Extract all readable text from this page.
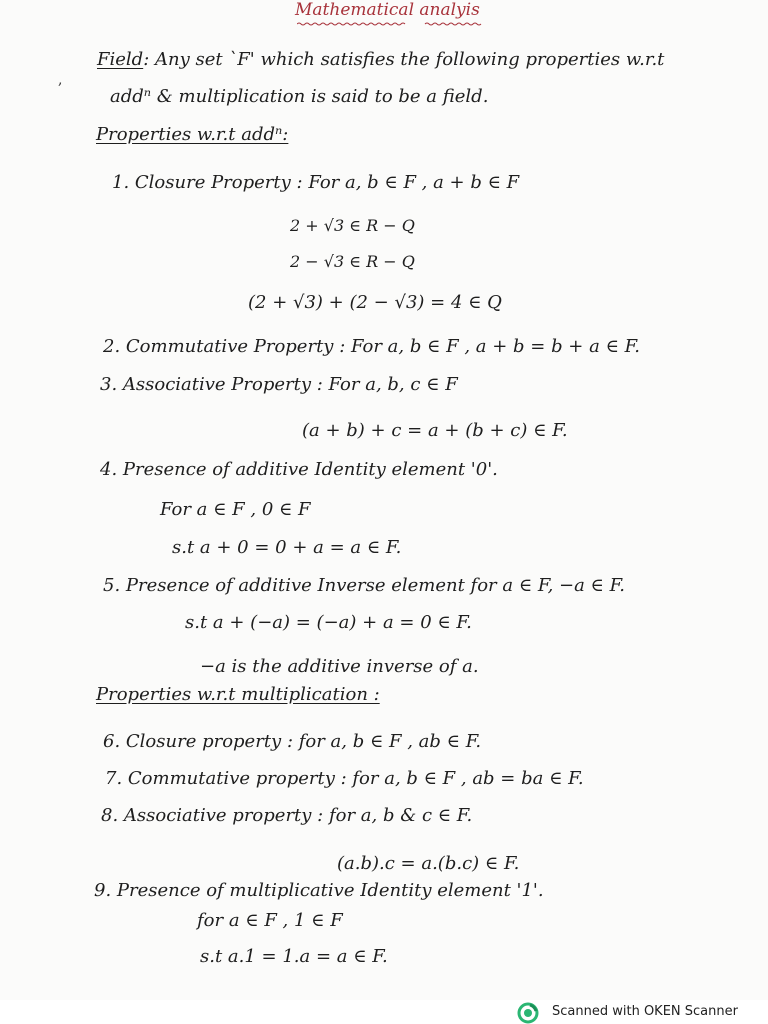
Mathematical analyis
,
Field: Any set `F' which satisfies the following properties w.r.t
addⁿ & multiplication is said to be a field.
Properties w.r.t addⁿ:
1. Closure Property : For a, b ∈ F , a + b ∈ F
2 + √3 ∈ R − Q
2 − √3 ∈ R − Q
(2 + √3) + (2 − √3) = 4 ∈ Q
2. Commutative Property : For a, b ∈ F , a + b = b + a ∈ F.
3. Associative Property : For a, b, c ∈ F
(a + b) + c = a + (b + c) ∈ F.
4. Presence of additive Identity element '0'.
For a ∈ F , 0 ∈ F
s.t a + 0 = 0 + a = a ∈ F.
5. Presence of additive Inverse element for a ∈ F, −a ∈ F.
s.t a + (−a) = (−a) + a = 0 ∈ F.
−a is the additive inverse of a.
Properties w.r.t multiplication :
6. Closure property : for a, b ∈ F , ab ∈ F.
7. Commutative property : for a, b ∈ F , ab = ba ∈ F.
8. Associative property : for a, b & c ∈ F.
(a.b).c = a.(b.c) ∈ F.
9. Presence of multiplicative Identity element '1'.
for a ∈ F , 1 ∈ F
s.t a.1 = 1.a = a ∈ F.
Scanned with OKEN Scanner
